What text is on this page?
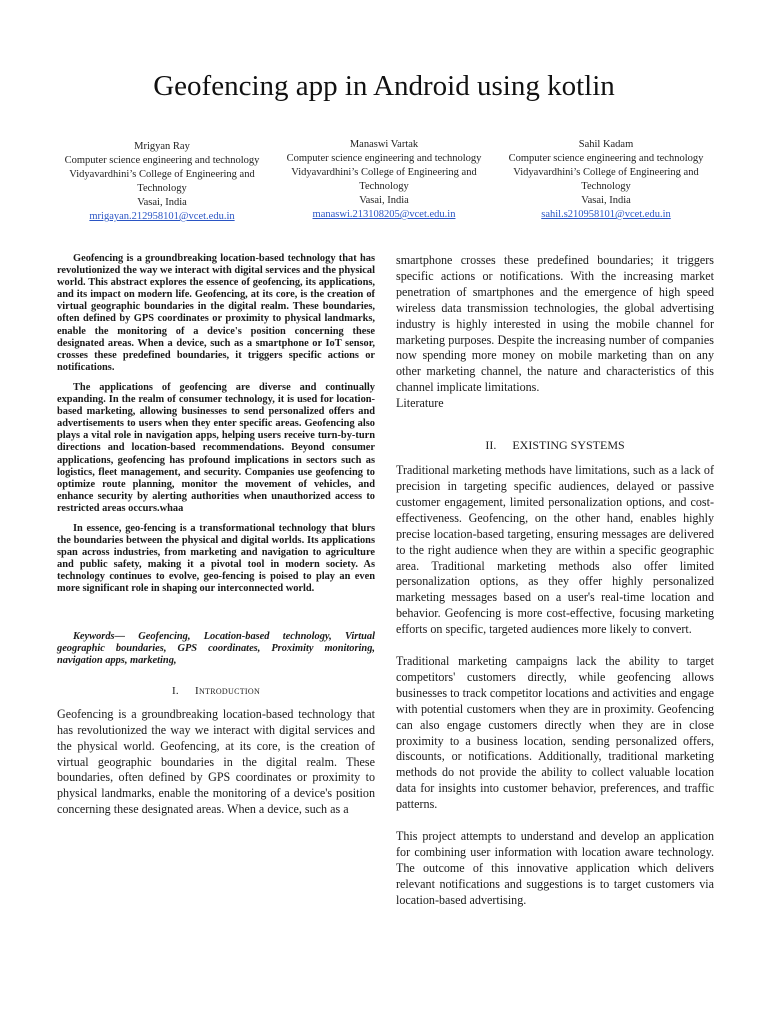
Geofencing app in Android using kotlin
Mrigyan Ray
Computer science engineering and technology
Vidyavardhini’s College of Engineering and Technology
Vasai, India
mrigayan.212958101@vcet.edu.in
Manaswi Vartak
Computer science engineering and technology
Vidyavardhini’s College of Engineering and Technology
Vasai, India
manaswi.213108205@vcet.edu.in
Sahil Kadam
Computer science engineering and technology
Vidyavardhini’s College of Engineering and Technology
Vasai, India
sahil.s210958101@vcet.edu.in

Geofencing is a groundbreaking location-based technology that has revolutionized the way we interact with digital services and the physical world. This abstract explores the essence of geofencing, its applications, and its impact on modern life. Geofencing, at its core, is the creation of virtual geographic boundaries in the digital realm. These boundaries, often defined by GPS coordinates or proximity to physical landmarks, enable the monitoring of a device's position concerning these designated areas. When a device, such as a smartphone or IoT sensor, crosses these predefined boundaries, it triggers specific actions or notifications.

The applications of geofencing are diverse and continually expanding. In the realm of consumer technology, it is used for location-based marketing, allowing businesses to send personalized offers and advertisements to users when they enter specific areas. Geofencing also plays a vital role in navigation apps, helping users receive turn-by-turn directions and location-based recommendations. Beyond consumer applications, geofencing has profound implications in sectors such as logistics, fleet management, and security. Companies use geofencing to optimize route planning, monitor the movement of vehicles, and enhance security by alerting authorities when unauthorized access to restricted areas occurs.whaa

In essence, geo-fencing is a transformational technology that blurs the boundaries between the physical and digital worlds. Its applications span across industries, from marketing and navigation to agriculture and public safety, making it a pivotal tool in modern society. As technology continues to evolve, geo-fencing is poised to play an even more significant role in shaping our interconnected world.

Keywords— Geofencing, Location-based technology, Virtual geographic boundaries, GPS coordinates, Proximity monitoring, navigation apps, marketing,

I. Introduction

Geofencing is a groundbreaking location-based technology that has revolutionized the way we interact with digital services and the physical world. Geofencing, at its core, is the creation of virtual geographic boundaries in the digital realm. These boundaries, often defined by GPS coordinates or proximity to physical landmarks, enable the monitoring of a device's position concerning these designated areas. When a device, such as a

smartphone crosses these predefined boundaries; it triggers specific actions or notifications. With the increasing market penetration of smartphones and the emergence of high speed wireless data transmission technologies, the global advertising industry is highly interested in using the mobile channel for marketing purposes. Despite the increasing number of companies now spending more money on mobile marketing than on any other marketing channel, the nature and characteristics of this channel implicate limitations.

Literature

II. EXISTING SYSTEMS

Traditional marketing methods have limitations, such as a lack of precision in targeting specific audiences, delayed or passive customer engagement, limited personalization options, and cost-effectiveness. Geofencing, on the other hand, enables highly precise location-based targeting, ensuring messages are delivered to the right audience when they are within a specific geographic area. Traditional marketing methods also offer limited personalization options, as they offer highly personalized marketing messages based on a user's real-time location and behavior. Geofencing is more cost-effective, focusing marketing efforts on specific, targeted audiences more likely to convert.

Traditional marketing campaigns lack the ability to target competitors' customers directly, while geofencing allows businesses to track competitor locations and activities and engage with potential customers when they are in proximity. Geofencing can also engage customers directly when they are in close proximity to a business location, sending personalized offers, discounts, or notifications. Additionally, traditional marketing methods do not provide the ability to collect valuable location data for insights into customer behavior, preferences, and traffic patterns.

This project attempts to understand and develop an application for combining user information with location aware technology. The outcome of this innovative application which delivers relevant notifications and suggestions is to target customers via location-based advertising.
